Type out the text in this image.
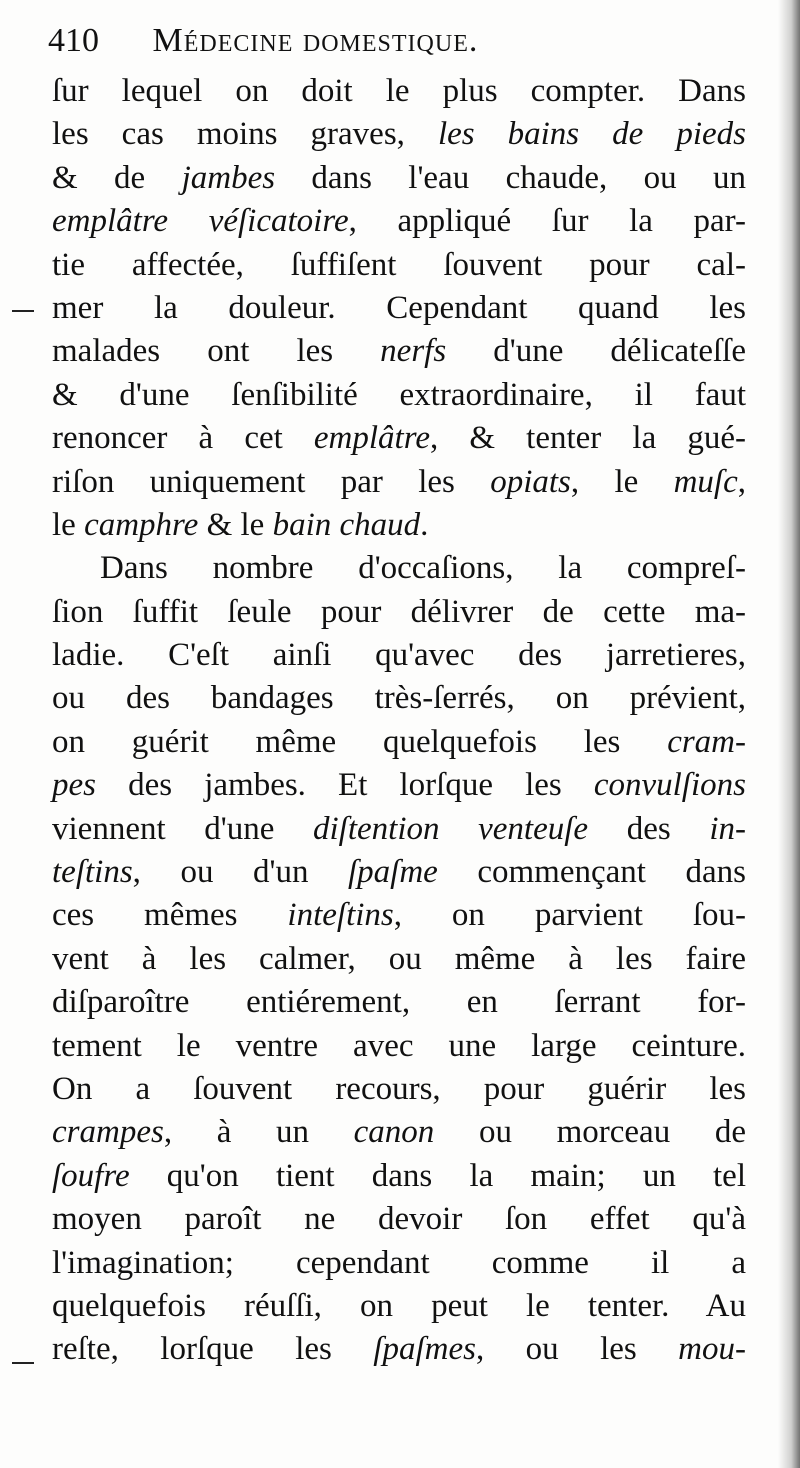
410 Médecine domestique.
ſur lequel on doit le plus compter. Dans
les cas moins graves, les bains de pieds
& de jambes dans l'eau chaude, ou un
emplâtre véſicatoire, appliqué ſur la par-
tie affectée, ſuffiſent ſouvent pour cal-
mer la douleur. Cependant quand les
malades ont les nerfs d'une délicateſſe
& d'une ſenſibilité extraordinaire, il faut
renoncer à cet emplâtre, & tenter la gué-
riſon uniquement par les opiats, le muſc,
le camphre & le bain chaud.
Dans nombre d'occaſions, la compreſ-
ſion ſuffit ſeule pour délivrer de cette ma-
ladie. C'eſt ainſi qu'avec des jarretieres,
ou des bandages très-ſerrés, on prévient,
on guérit même quelquefois les cram-
pes des jambes. Et lorſque les convulſions
viennent d'une diſtention venteuſe des in-
teſtins, ou d'un ſpaſme commençant dans
ces mêmes inteſtins, on parvient ſou-
vent à les calmer, ou même à les faire
diſparoître entiérement, en ſerrant for-
tement le ventre avec une large ceinture.
On a ſouvent recours, pour guérir les
crampes, à un canon ou morceau de
ſoufre qu'on tient dans la main; un tel
moyen paroît ne devoir ſon effet qu'à
l'imagination; cependant comme il a
quelquefois réuſſi, on peut le tenter. Au
reſte, lorſque les ſpaſmes, ou les mou-
